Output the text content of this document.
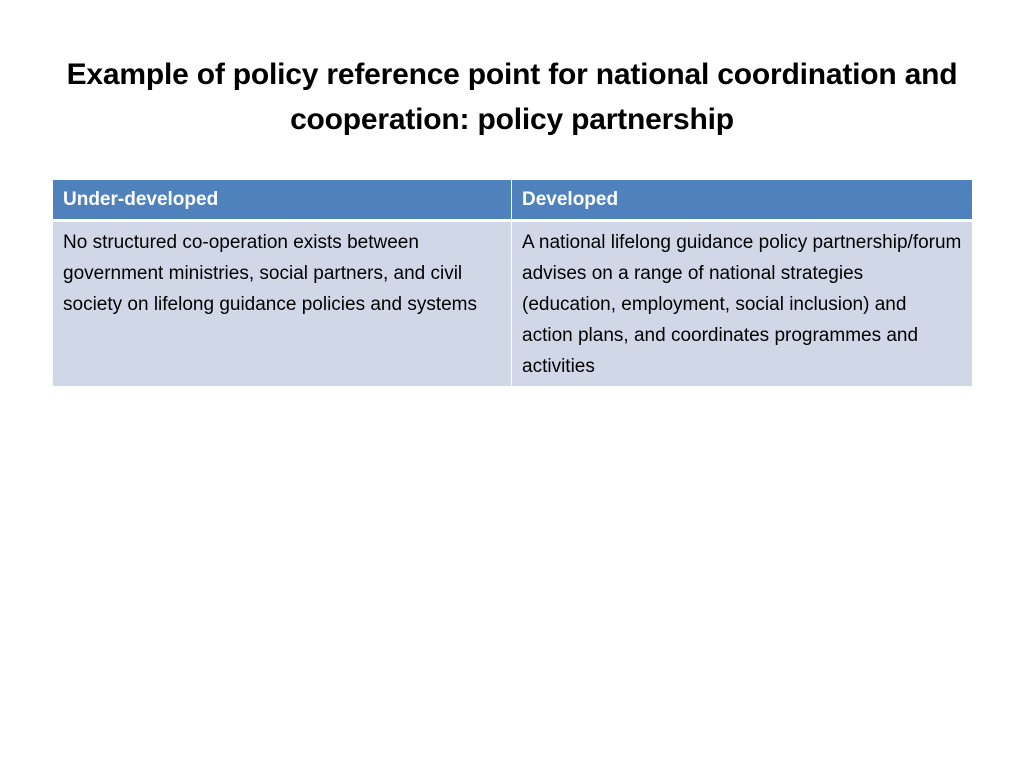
Example of policy reference point for national coordination and cooperation: policy partnership
Under-developed	Developed
No structured co-operation exists between government ministries, social partners, and civil society on lifelong guidance policies and systems	A national lifelong guidance policy partnership/forum advises on a range of national strategies (education, employment, social inclusion) and action plans, and coordinates programmes and activities
